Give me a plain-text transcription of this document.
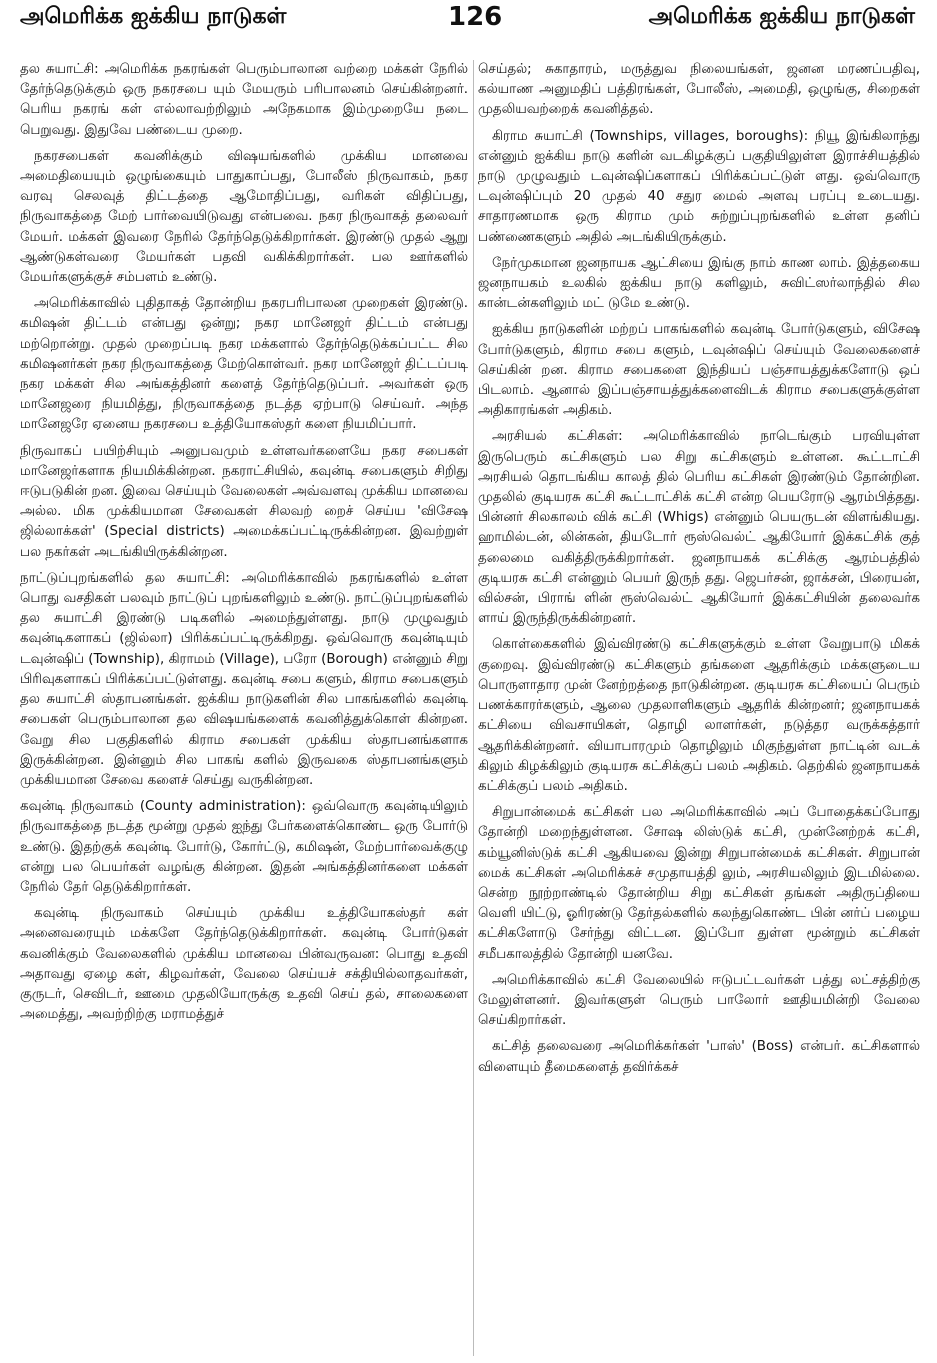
அமெரிக்க ஐக்கிய நாடுகள்	126	அமெரிக்க ஐக்கிய நாடுகள்

தல சுயாட்சி: அமெரிக்க நகரங்கள் பெரும்பாலான வற்றை மக்கள் நேரில் தேர்ந்தெடுக்கும் ஒரு நகரசபை யும் மேயரும் பரிபாலனம் செய்கின்றனர். பெரிய நகரங் கள் எல்லாவற்றிலும் அநேகமாக இம்முறையே நடை பெறுவது. இதுவே பண்டைய முறை.

நகரசபைகள் கவனிக்கும் விஷயங்களில் முக்கிய மானவை அமைதியையும் ஒழுங்கையும் பாதுகாப்பது, போலீஸ் நிருவாகம், நகர வரவு செலவுத் திட்டத்தை ஆமோதிப்பது, வரிகள் விதிப்பது, நிருவாகத்தை மேற் பார்வையிடுவது என்பவை. நகர நிருவாகத் தலைவர் மேயர். மக்கள் இவரை நேரில் தேர்ந்தெடுக்கிறார்கள். இரண்டு முதல் ஆறு ஆண்டுகள்வரை மேயர்கள் பதவி வகிக்கிறார்கள். பல ஊர்களில் மேயர்களுக்குச் சம்பளம் உண்டு.

அமெரிக்காவில் புதிதாகத் தோன்றிய நகரபரிபாலன முறைகள் இரண்டு. கமிஷன் திட்டம் என்பது ஒன்று; நகர மானேஜர் திட்டம் என்பது மற்றொன்று. முதல் முறைப்படி நகர மக்களால் தேர்ந்தெடுக்கப்பட்ட சில கமிஷனர்கள் நகர நிருவாகத்தை மேற்கொள்வர். நகர மானேஜர் திட்டப்படி நகர மக்கள் சில அங்கத்தினர் களைத் தேர்ந்தெடுப்பர். அவர்கள் ஒரு மானேஜரை நியமித்து, நிருவாகத்தை நடத்த ஏற்பாடு செய்வர். அந்த மானேஜரே ஏனைய நகரசபை உத்தியோகஸ்தர் களை நியமிப்பார்.

நிருவாகப் பயிற்சியும் அனுபவமும் உள்ளவர்களையே நகர சபைகள் மானேஜர்களாக நியமிக்கின்றன. நகராட்சியில், கவுன்டி சபைகளும் சிறிது ஈடுபடுகின் றன. இவை செய்யும் வேலைகள் அவ்வளவு முக்கிய மானவை அல்ல. மிக முக்கியமான சேவைகள் சிலவற் றைச் செய்ய 'விசேஷ ஜில்லாக்கள்' (Special districts) அமைக்கப்பட்டிருக்கின்றன. இவற்றுள் பல நகர்கள் அடங்கியிருக்கின்றன.

நாட்டுப்புறங்களில் தல சுயாட்சி: அமெரிக்காவில் நகரங்களில் உள்ள பொது வசதிகள் பலவும் நாட்டுப் புறங்களிலும் உண்டு. நாட்டுப்புறங்களில் தல சுயாட்சி இரண்டு படிகளில் அமைந்துள்ளது. நாடு முழுவதும் கவுன்டிகளாகப் (ஜில்லா) பிரிக்கப்பட்டிருக்கிறது. ஒவ்வொரு கவுன்டியும் டவுன்ஷிப் (Township), கிராமம் (Village), பரோ (Borough) என்னும் சிறு பிரிவுகளாகப் பிரிக்கப்பட்டுள்ளது. கவுன்டி சபை களும், கிராம சபைகளும் தல சுயாட்சி ஸ்தாபனங்கள். ஐக்கிய நாடுகளின் சில பாகங்களில் கவுன்டி சபைகள் பெரும்பாலான தல விஷயங்களைக் கவனித்துக்கொள் கின்றன. வேறு சில பகுதிகளில் கிராம சபைகள் முக்கிய ஸ்தாபனங்களாக இருக்கின்றன. இன்னும் சில பாகங் களில் இருவகை ஸ்தாபனங்களும் முக்கியமான சேவை களைச் செய்து வருகின்றன.

கவுன்டி நிருவாகம் (County administration): ஒவ்வொரு கவுன்டியிலும் நிருவாகத்தை நடத்த மூன்று முதல் ஐந்து பேர்களைக்கொண்ட ஒரு போர்டு உண்டு. இதற்குக் கவுன்டி போர்டு, கோர்ட்டு, கமிஷன், மேற்பார்வைக்குழு என்று பல பெயர்கள் வழங்கு கின்றன. இதன் அங்கத்தினர்களை மக்கள் நேரில் தேர் தெடுக்கிறார்கள்.

கவுன்டி நிருவாகம் செய்யும் முக்கிய உத்தியோகஸ்தர் கள் அனைவரையும் மக்களே தேர்ந்தெடுக்கிறார்கள். கவுன்டி போர்டுகள் கவனிக்கும் வேலைகளில் முக்கிய மானவை பின்வருவன: பொது உதவி அதாவது ஏழை கள், கிழவர்கள், வேலை செய்யச் சக்தியில்லாதவர்கள், குருடர், செவிடர், ஊமை முதலியோருக்கு உதவி செய் தல், சாலைகளை அமைத்து, அவற்றிற்கு மராமத்துச்

செய்தல்; சுகாதாரம், மருத்துவ நிலையங்கள், ஜனன மரணப்பதிவு, கல்யாண அனுமதிப் பத்திரங்கள், போலீஸ், அமைதி, ஒழுங்கு, சிறைகள் முதலியவற்றைக் கவனித்தல்.

கிராம சுயாட்சி (Townships, villages, boroughs): நியூ இங்கிலாந்து என்னும் ஐக்கிய நாடு களின் வடகிழக்குப் பகுதியிலுள்ள இராச்சியத்தில் நாடு முழுவதும் டவுன்ஷிப்களாகப் பிரிக்கப்பட்டுள் ளது. ஒவ்வொரு டவுன்ஷிப்பும் 20 முதல் 40 சதுர மைல் அளவு பரப்பு உடையது. சாதாரணமாக ஒரு கிராம மும் சுற்றுப்புறங்களில் உள்ள தனிப் பண்ணைகளும் அதில் அடங்கியிருக்கும்.

நேர்முகமான ஜனநாயக ஆட்சியை இங்கு நாம் காண லாம். இத்தகைய ஜனநாயகம் உலகில் ஐக்கிய நாடு களிலும், சுவிட்ஸர்லாந்தில் சில கான்டன்களிலும் மட் டுமே உண்டு.

ஐக்கிய நாடுகளின் மற்றப் பாகங்களில் கவுன்டி போர்டுகளும், விசேஷ போர்டுகளும், கிராம சபை களும், டவுன்ஷிப் செய்யும் வேலைகளைச் செய்கின் றன. கிராம சபைகளை இந்தியப் பஞ்சாயத்துக்களோடு ஒப் பிடலாம். ஆனால் இப்பஞ்சாயத்துக்களைவிடக் கிராம சபைகளுக்குள்ள அதிகாரங்கள் அதிகம்.

அரசியல் கட்சிகள்: அமெரிக்காவில் நாடெங்கும் பரவியுள்ள இருபெரும் கட்சிகளும் பல சிறு கட்சிகளும் உள்ளன. கூட்டாட்சி அரசியல் தொடங்கிய காலத் தில் பெரிய கட்சிகள் இரண்டும் தோன்றின. முதலில் குடியரசு கட்சி கூட்டாட்சிக் கட்சி என்ற பெயரோடு ஆரம்பித்தது. பின்னர் சிலகாலம் விக் கட்சி (Whigs) என்னும் பெயருடன் விளங்கியது. ஹாமில்டன், லின்கன், தியடோர் ரூஸ்வெல்ட் ஆகியோர் இக்கட்சிக் குத் தலைமை வகித்திருக்கிறார்கள். ஜனநாயகக் கட்சிக்கு ஆரம்பத்தில் குடியரசு கட்சி என்னும் பெயர் இருந் தது. ஜெபர்சன், ஜாக்சன், பிரையன், வில்சன், பிராங் ளின் ரூஸ்வெல்ட் ஆகியோர் இக்கட்சியின் தலைவர்க ளாய் இருந்திருக்கின்றனர்.

கொள்கைகளில் இவ்விரண்டு கட்சிகளுக்கும் உள்ள வேறுபாடு மிகக் குறைவு. இவ்விரண்டு கட்சிகளும் தங்களை ஆதரிக்கும் மக்களுடைய பொருளாதார முன் னேற்றத்தை நாடுகின்றன. குடியரசு கட்சியைப் பெரும் பணக்காரர்களும், ஆலை முதலாளிகளும் ஆதரிக் கின்றனர்; ஜனநாயகக் கட்சியை விவசாயிகள், தொழி லாளர்கள், நடுத்தர வருக்கத்தார் ஆதரிக்கின்றனர். வியாபாரமும் தொழிலும் மிகுந்துள்ள நாட்டின் வடக் கிலும் கிழக்கிலும் குடியரசு கட்சிக்குப் பலம் அதிகம். தெற்கில் ஜனநாயகக் கட்சிக்குப் பலம் அதிகம்.

சிறுபான்மைக் கட்சிகள் பல அமெரிக்காவில் அப் போதைக்கப்போது தோன்றி மறைந்துள்ளன. சோஷ லிஸ்டுக் கட்சி, முன்னேற்றக் கட்சி, கம்யூனிஸ்டுக் கட்சி ஆகியவை இன்று சிறுபான்மைக் கட்சிகள். சிறுபான் மைக் கட்சிகள் அமெரிக்கச் சமுதாயத்தி லும், அரசியலிலும் இடமில்லை. சென்ற நூற்றாண்டில் தோன்றிய சிறு கட்சிகள் தங்கள் அதிருப்தியை வெளி யிட்டு, ஓரிரண்டு தேர்தல்களில் கலந்துகொண்ட பின் னர்ப் பழைய கட்சிகளோடு சேர்ந்து விட்டன. இப்போ துள்ள மூன்றும் கட்சிகள் சமீபகாலத்தில் தோன்றி யனவே.

அமெரிக்காவில் கட்சி வேலையில் ஈடுபட்டவர்கள் பத்து லட்சத்திற்கு மேலுள்ளனர். இவர்களுள் பெரும் பாலோர் ஊதியமின்றி வேலை செய்கிறார்கள்.

கட்சித் தலைவரை அமெரிக்கர்கள் 'பாஸ்' (Boss) என்பர். கட்சிகளால் விளையும் தீமைகளைத் தவிர்க்கச்
